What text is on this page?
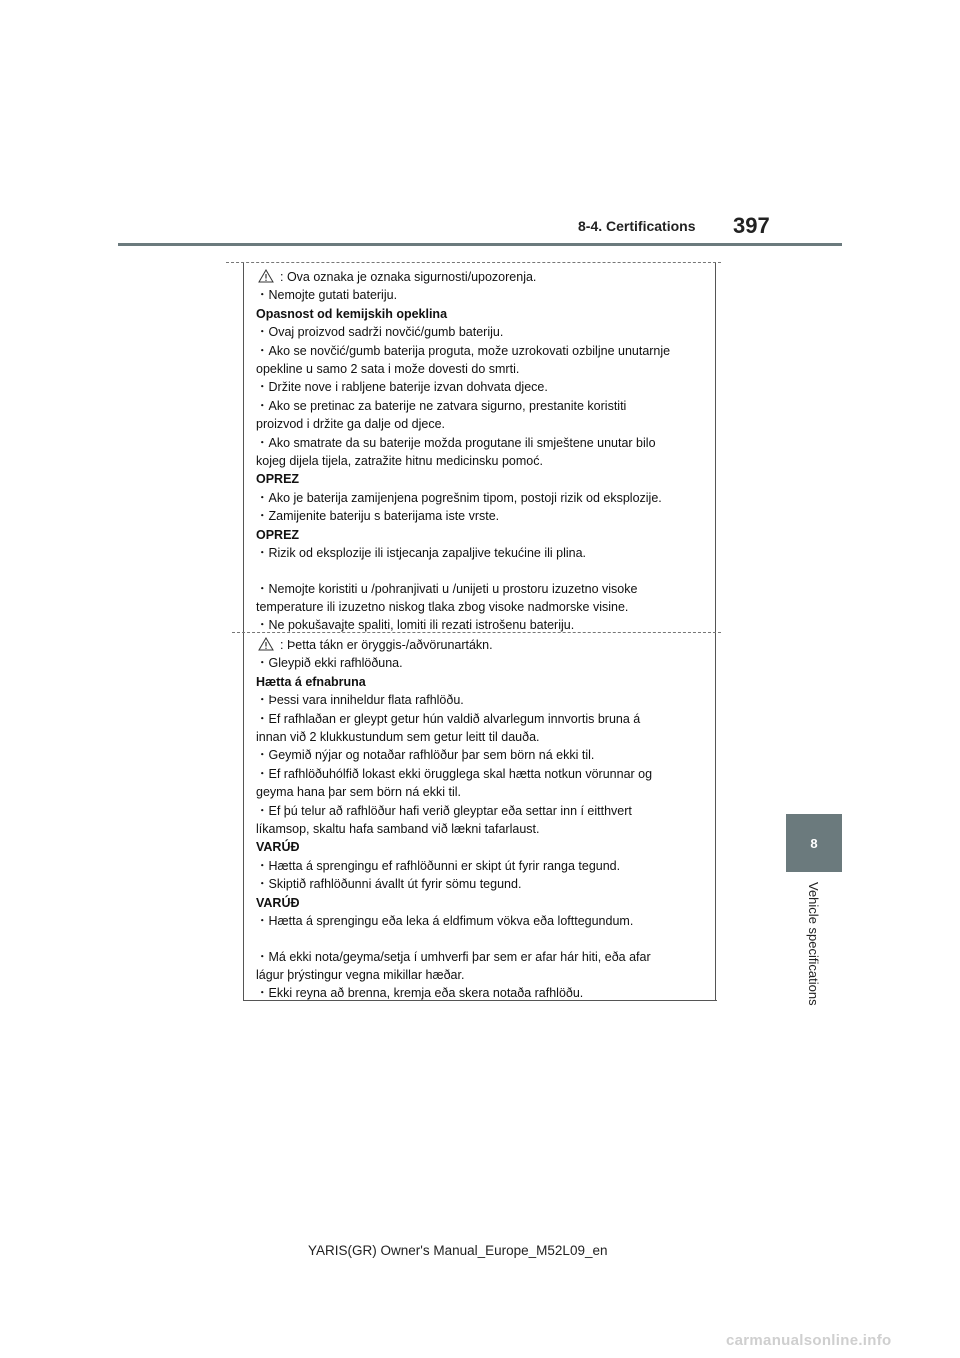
8-4. Certifications 397
8
Vehicle specifications
: Ova oznaka je oznaka sigurnosti/upozorenja.
・Nemojte gutati bateriju.
Opasnost od kemijskih opeklina
・Ovaj proizvod sadrži novčić/gumb bateriju.
・Ako se novčić/gumb baterija proguta, može uzrokovati ozbiljne unutarnje
opekline u samo 2 sata i može dovesti do smrti.
・Držite nove i rabljene baterije izvan dohvata djece.
・Ako se pretinac za baterije ne zatvara sigurno, prestanite koristiti
proizvod i držite ga dalje od djece.
・Ako smatrate da su baterije možda progutane ili smještene unutar bilo
kojeg dijela tijela, zatražite hitnu medicinsku pomoć.
OPREZ
・Ako je baterija zamijenjena pogrešnim tipom, postoji rizik od eksplozije.
・Zamijenite bateriju s baterijama iste vrste.
OPREZ
・Rizik od eksplozije ili istjecanja zapaljive tekućine ili plina.
・Nemojte koristiti u /pohranjivati u /unijeti u prostoru izuzetno visoke
temperature ili izuzetno niskog tlaka zbog visoke nadmorske visine.
・Ne pokušavajte spaliti, lomiti ili rezati istrošenu bateriju.
: Þetta tákn er öryggis-/aðvörunartákn.
・Gleypið ekki rafhlöðuna.
Hætta á efnabruna
・Þessi vara inniheldur flata rafhlöðu.
・Ef rafhlaðan er gleypt getur hún valdið alvarlegum innvortis bruna á
innan við 2 klukkustundum sem getur leitt til dauða.
・Geymið nýjar og notaðar rafhlöður þar sem börn ná ekki til.
・Ef rafhlöðuhólfið lokast ekki örugglega skal hætta notkun vörunnar og
geyma hana þar sem börn ná ekki til.
・Ef þú telur að rafhlöður hafi verið gleyptar eða settar inn í eitthvert
líkamsop, skaltu hafa samband við lækni tafarlaust.
VARÚÐ
・Hætta á sprengingu ef rafhlöðunni er skipt út fyrir ranga tegund.
・Skiptið rafhlöðunni ávallt út fyrir sömu tegund.
VARÚÐ
・Hætta á sprengingu eða leka á eldfimum vökva eða lofttegundum.
・Má ekki nota/geyma/setja í umhverfi þar sem er afar hár hiti, eða afar
lágur þrýstingur vegna mikillar hæðar.
・Ekki reyna að brenna, kremja eða skera notaða rafhlöðu.
YARIS(GR) Owner's Manual_Europe_M52L09_en
carmanualsonline.info
